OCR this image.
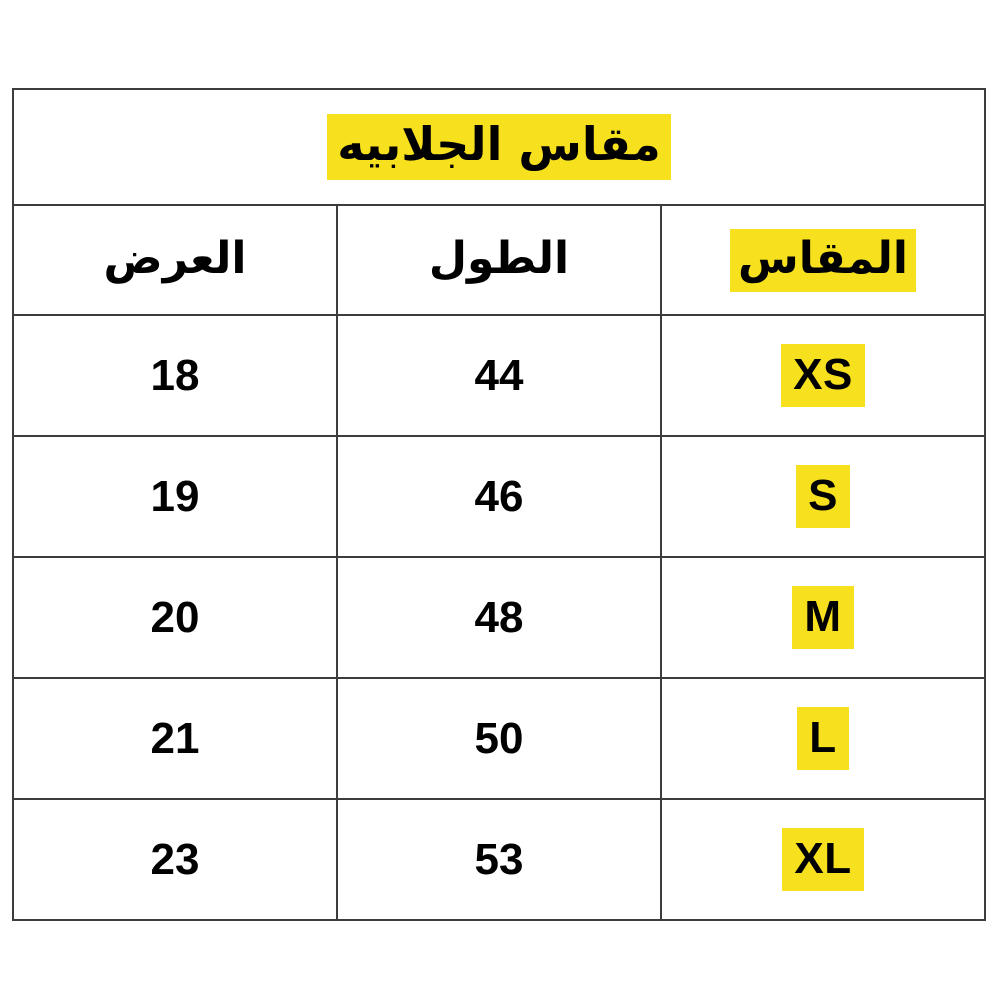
مقاس الجلابيه		
المقاس	الطول	العرض
XS	44	18
S	46	19
M	48	20
L	50	21
XL	53	23
